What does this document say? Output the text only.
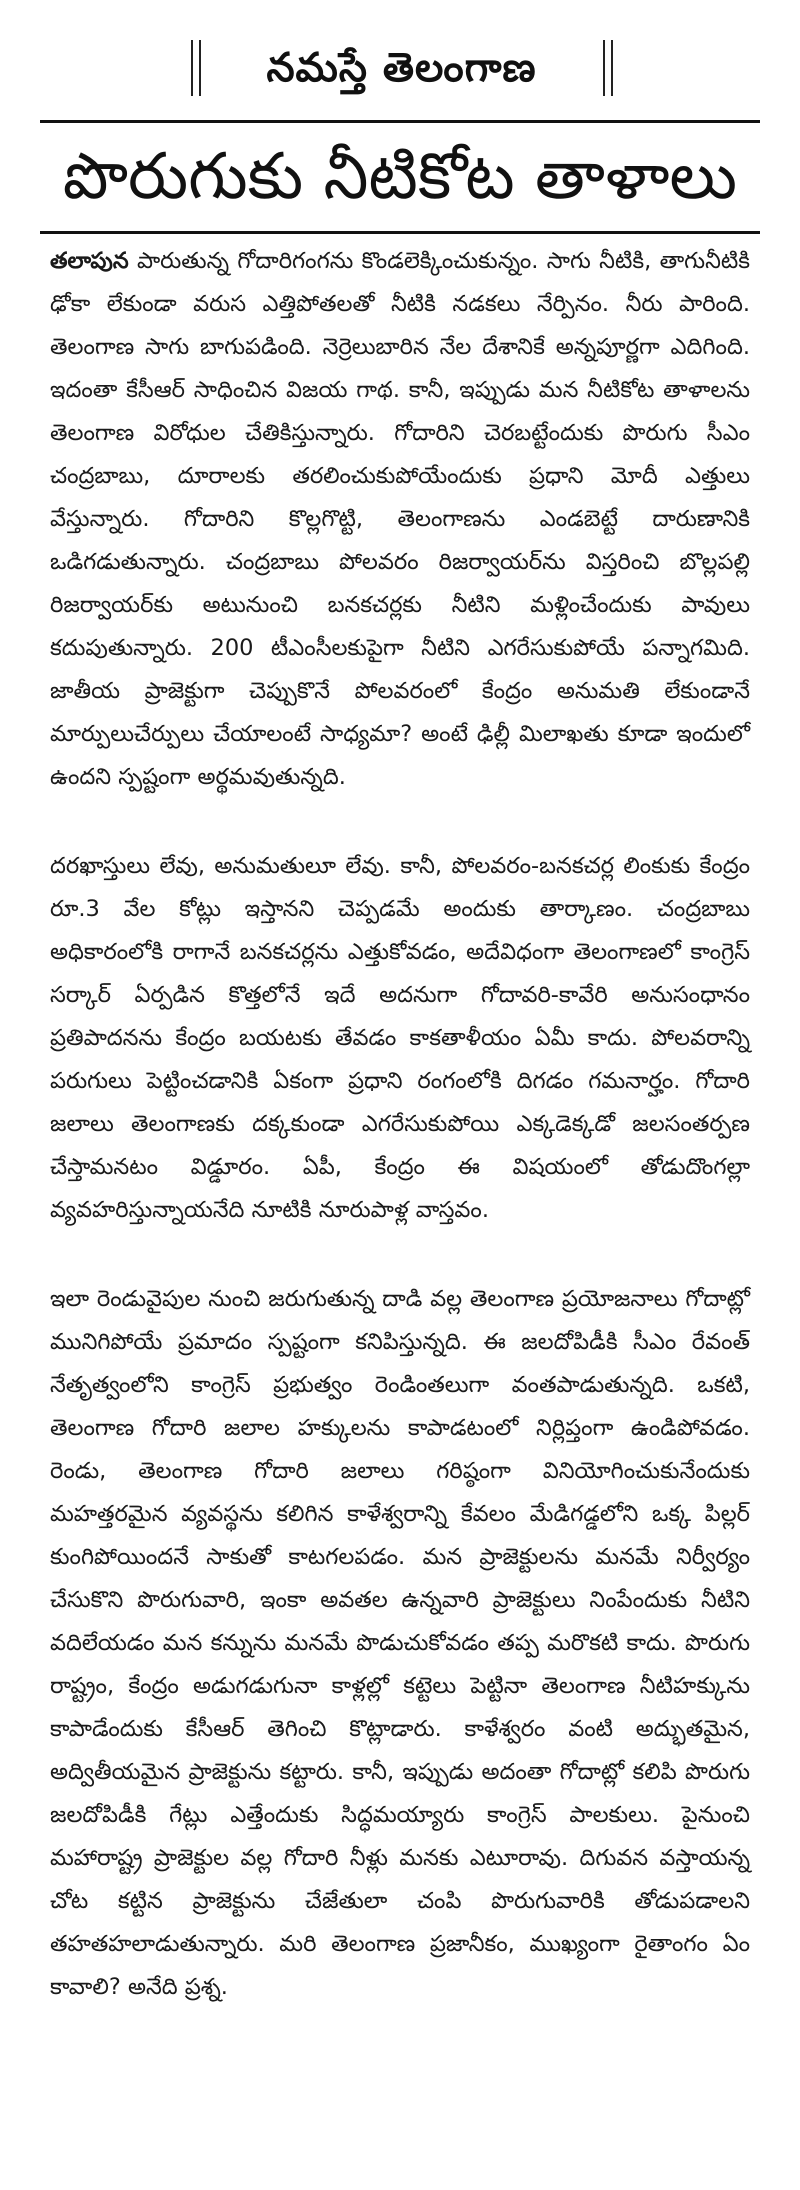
నమస్తే తెలంగాణ
పొరుగుకు నీటికోట తాళాలు

తలాపున పారుతున్న గోదారిగంగను కొండలెక్కించుకున్నం. సాగు నీటికి, తాగునీటికి ఢోకా లేకుండా వరుస ఎత్తిపోతలతో నీటికి నడకలు నేర్పినం. నీరు పారింది. తెలంగాణ సాగు బాగుపడింది. నెర్రెలుబారిన నేల దేశానికే అన్నపూర్ణగా ఎదిగింది. ఇదంతా కేసీఆర్ సాధించిన విజయ గాథ. కానీ, ఇప్పుడు మన నీటికోట తాళాలను తెలంగాణ విరోధుల చేతికిస్తున్నారు. గోదారిని చెరబట్టేందుకు పొరుగు సీఎం చంద్రబాబు, దూరాలకు తరలించుకుపోయేందుకు ప్రధాని మోదీ ఎత్తులు వేస్తున్నారు. గోదారిని కొల్లగొట్టి, తెలంగాణను ఎండబెట్టే దారుణానికి ఒడిగడుతున్నారు. చంద్రబాబు పోలవరం రిజర్వాయర్‌ను విస్తరించి బొల్లపల్లి రిజర్వాయర్‌కు అటునుంచి బనకచర్లకు నీటిని మళ్లించేందుకు పావులు కదుపుతున్నారు. 200 టీఎంసీలకుపైగా నీటిని ఎగరేసుకుపోయే పన్నాగమిది. జాతీయ ప్రాజెక్టుగా చెప్పుకొనే పోలవరంలో కేంద్రం అనుమతి లేకుండానే మార్పులుచేర్పులు చేయాలంటే సాధ్యమా? అంటే ఢిల్లీ మిలాఖతు కూడా ఇందులో ఉందని స్పష్టంగా అర్థమవుతున్నది.

దరఖాస్తులు లేవు, అనుమతులూ లేవు. కానీ, పోలవరం-బనకచర్ల లింకుకు కేంద్రం రూ.3 వేల కోట్లు ఇస్తానని చెప్పడమే అందుకు తార్కాణం. చంద్రబాబు అధికారంలోకి రాగానే బనకచర్లను ఎత్తుకోవడం, అదేవిధంగా తెలంగాణలో కాంగ్రెస్ సర్కార్ ఏర్పడిన కొత్తలోనే ఇదే అదనుగా గోదావరి-కావేరి అనుసంధానం ప్రతిపాదనను కేంద్రం బయటకు తేవడం కాకతాళీయం ఏమీ కాదు. పోలవరాన్ని పరుగులు పెట్టించడానికి ఏకంగా ప్రధాని రంగంలోకి దిగడం గమనార్హం. గోదారి జలాలు తెలంగాణకు దక్కకుండా ఎగరేసుకుపోయి ఎక్కడెక్కడో జలసంతర్పణ చేస్తామనటం విడ్డూరం. ఏపీ, కేంద్రం ఈ విషయంలో తోడుదొంగల్లా వ్యవహరిస్తున్నాయనేది నూటికి నూరుపాళ్ల వాస్తవం.

ఇలా రెండువైపుల నుంచి జరుగుతున్న దాడి వల్ల తెలంగాణ ప్రయోజనాలు గోదాట్లో మునిగిపోయే ప్రమాదం స్పష్టంగా కనిపిస్తున్నది. ఈ జలదోపిడీకి సీఎం రేవంత్ నేతృత్వంలోని కాంగ్రెస్ ప్రభుత్వం రెండింతలుగా వంతపాడుతున్నది. ఒకటి, తెలంగాణ గోదారి జలాల హక్కులను కాపాడటంలో నిర్లిప్తంగా ఉండిపోవడం. రెండు, తెలంగాణ గోదారి జలాలు గరిష్ఠంగా వినియోగించుకునేందుకు మహత్తరమైన వ్యవస్థను కలిగిన కాళేశ్వరాన్ని కేవలం మేడిగడ్డలోని ఒక్క పిల్లర్ కుంగిపోయిందనే సాకుతో కాటగలపడం. మన ప్రాజెక్టులను మనమే నిర్వీర్యం చేసుకొని పొరుగువారి, ఇంకా అవతల ఉన్నవారి ప్రాజెక్టులు నింపేందుకు నీటిని వదిలేయడం మన కన్నును మనమే పొడుచుకోవడం తప్ప మరొకటి కాదు. పొరుగు రాష్ట్రం, కేంద్రం అడుగడుగునా కాళ్లల్లో కట్టెలు పెట్టినా తెలంగాణ నీటిహక్కును కాపాడేందుకు కేసీఆర్ తెగించి కొట్లాడారు. కాళేశ్వరం వంటి అద్భుతమైన, అద్వితీయమైన ప్రాజెక్టును కట్టారు. కానీ, ఇప్పుడు అదంతా గోదాట్లో కలిపి పొరుగు జలదోపిడీకి గేట్లు ఎత్తేందుకు సిద్ధమయ్యారు కాంగ్రెస్ పాలకులు. పైనుంచి మహారాష్ట్ర ప్రాజెక్టుల వల్ల గోదారి నీళ్లు మనకు ఎటూరావు. దిగువన వస్తాయన్న చోట కట్టిన ప్రాజెక్టును చేజేతులా చంపి పొరుగువారికి తోడుపడాలని తహతహలాడుతున్నారు. మరి తెలంగాణ ప్రజానీకం, ముఖ్యంగా రైతాంగం ఏం కావాలి? అనేది ప్రశ్న.
